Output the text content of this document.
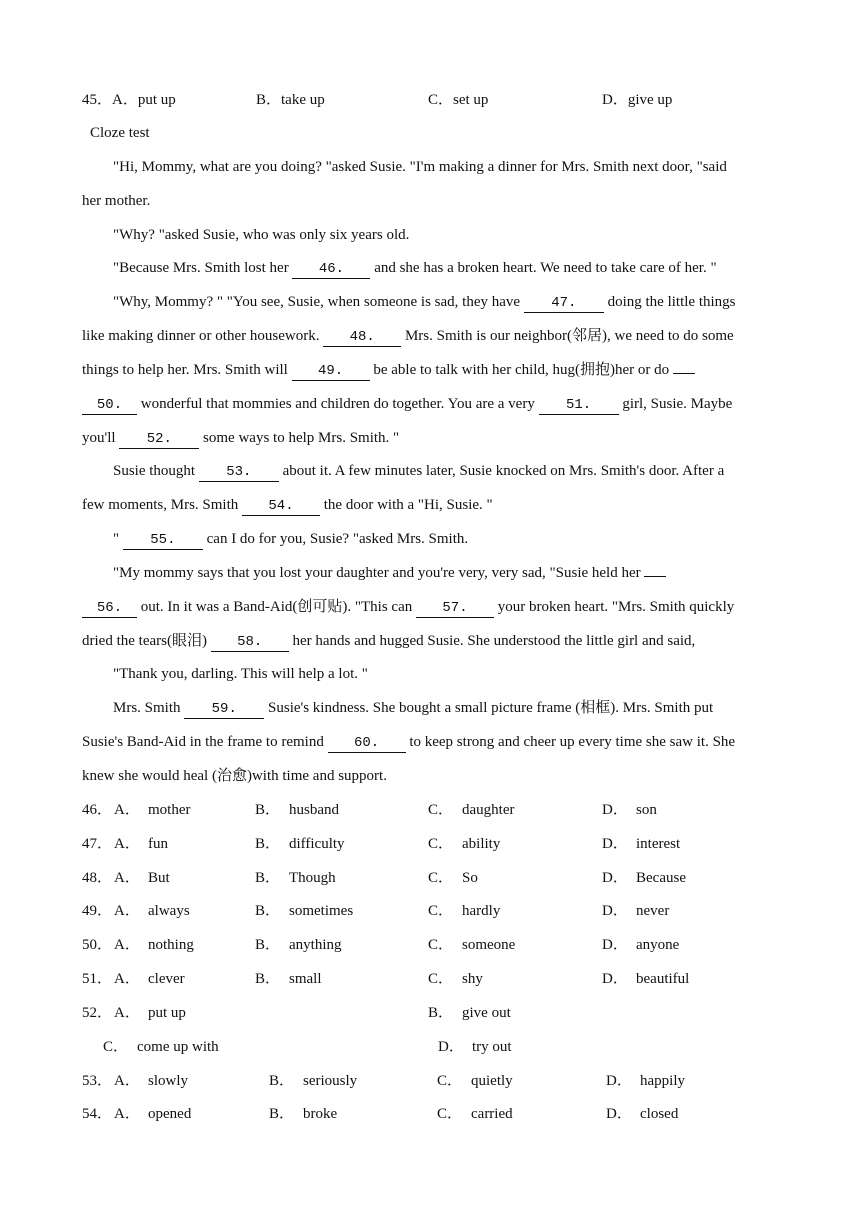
45． A．put up	B．take up	C．set up	D．give up
Cloze test
"Hi, Mommy, what are you doing? "asked Susie. "I'm making a dinner for Mrs. Smith next door, "said
her mother.
"Why? "asked Susie, who was only six years old.
"Because Mrs. Smith lost her 46. and she has a broken heart. We need to take care of her. "
"Why, Mommy? " "You see, Susie, when someone is sad, they have 47. doing the little things
like making dinner or other housework. 48. Mrs. Smith is our neighbor(邻居), we need to do some
things to help her. Mrs. Smith will 49. be able to talk with her child, hug(拥抱)her or do
50. wonderful that mommies and children do together. You are a very 51. girl, Susie. Maybe
you'll 52. some ways to help Mrs. Smith. "
Susie thought 53. about it. A few minutes later, Susie knocked on Mrs. Smith's door. After a
few moments, Mrs. Smith 54. the door with a "Hi, Susie. "
" 55. can I do for you, Susie? "asked Mrs. Smith.
"My mommy says that you lost your daughter and you're very, very sad, "Susie held her
56. out. In it was a Band-Aid(创可贴). "This can 57. your broken heart. "Mrs. Smith quickly
dried the tears(眼泪) 58. her hands and hugged Susie. She understood the little girl and said,
"Thank you, darling. This will help a lot. "
Mrs. Smith 59. Susie's kindness. She bought a small picture frame (相框). Mrs. Smith put
Susie's Band-Aid in the frame to remind 60. to keep strong and cheer up every time she saw it. She
knew she would heal (治愈)with time and support.
46． A． mother	B． husband	C． daughter	D． son
47． A． fun	B． difficulty	C． ability	D． interest
48． A． But	B． Though	C． So	D． Because
49． A． always	B． sometimes	C． hardly	D． never
50． A． nothing	B． anything	C． someone	D． anyone
51． A． clever	B． small	C． shy	D． beautiful
52． A． put up	B． give out
C． come up with	D． try out
53． A． slowly	B． seriously	C． quietly	D． happily
54． A． opened	B． broke	C． carried	D． closed
